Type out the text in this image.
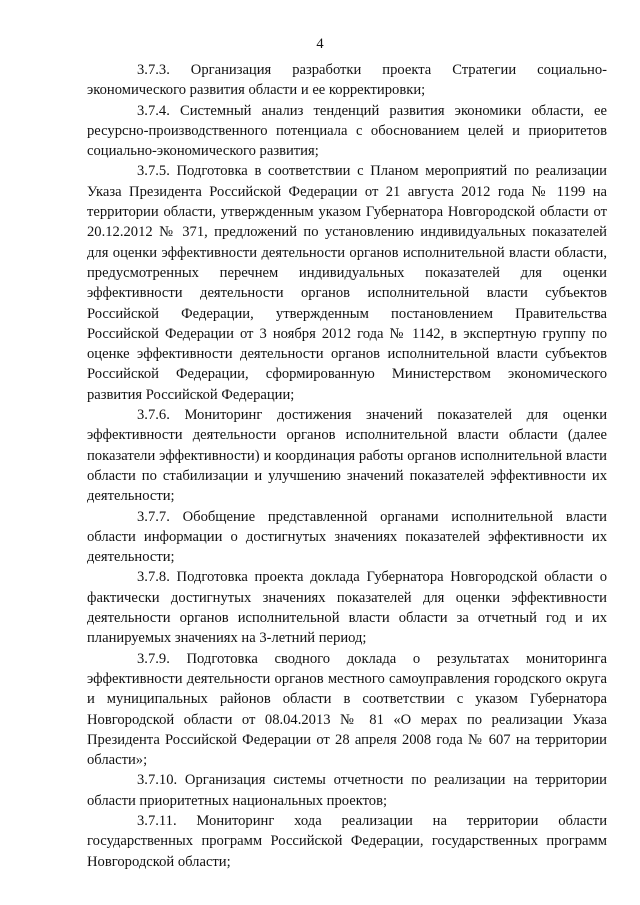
4

3.7.3. Организация разработки проекта Стратегии социально-экономического развития области и ее корректировки;

3.7.4. Системный анализ тенденций развития экономики области, ее ресурсно-производственного потенциала с обоснованием целей и приоритетов социально-экономического развития;

3.7.5. Подготовка в соответствии с Планом мероприятий по реализации Указа Президента Российской Федерации от 21 августа 2012 года № 1199 на территории области, утвержденным указом Губернатора Новгородской области от 20.12.2012 № 371, предложений по установлению индивидуальных показателей для оценки эффективности деятельности органов исполнительной власти области, предусмотренных перечнем индивидуальных показателей для оценки эффективности деятельности органов исполнительной власти субъектов Российской Федерации, утвержденным постановлением Правительства Российской Федерации от 3 ноября 2012 года № 1142, в экспертную группу по оценке эффективности деятельности органов исполнительной власти субъектов Российской Федерации, сформированную Министерством экономического развития Российской Федерации;

3.7.6. Мониторинг достижения значений показателей для оценки эффективности деятельности органов исполнительной власти области (далее показатели эффективности) и координация работы органов исполнительной власти области по стабилизации и улучшению значений показателей эффективности их деятельности;

3.7.7. Обобщение представленной органами исполнительной власти области информации о достигнутых значениях показателей эффективности их деятельности;

3.7.8. Подготовка проекта доклада Губернатора Новгородской области о фактически достигнутых значениях показателей для оценки эффективности деятельности органов исполнительной власти области за отчетный год и их планируемых значениях на 3-летний период;

3.7.9. Подготовка сводного доклада о результатах мониторинга эффективности деятельности органов местного самоуправления городского округа и муниципальных районов области в соответствии с указом Губернатора Новгородской области от 08.04.2013 № 81 «О мерах по реализации Указа Президента Российской Федерации от 28 апреля 2008 года № 607 на территории области»;

3.7.10. Организация системы отчетности по реализации на территории области приоритетных национальных проектов;

3.7.11. Мониторинг хода реализации на территории области государственных программ Российской Федерации, государственных программ Новгородской области;
